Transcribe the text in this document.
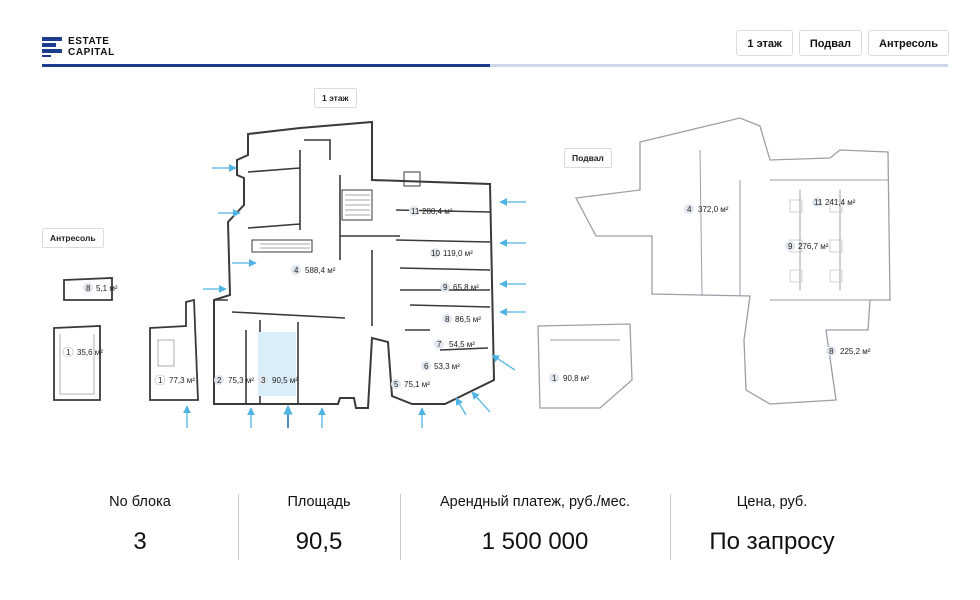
ESTATE
CAPITAL
1 этаж	Подвал	Антресоль
1 этаж
Подвал
Антресоль
11 280,4 м²
10 119,0 м²
9 65,8 м²
8 86,5 м²
7 54,5 м²
6 53,3 м²
5 75,1 м²
4 588,4 м²
2 75,3 м² 3 90,5 м²
8 5,1 м²
1 35,6 м²
1 77,3 м²
4 372,0 м²
11 241,4 м²
9 276,7 м²
8 225,2 м²
1 90,8 м²
No блока
3
Площадь
90,5
Арендный платеж, руб./мес.
1 500 000
Цена, руб.
По запросу
